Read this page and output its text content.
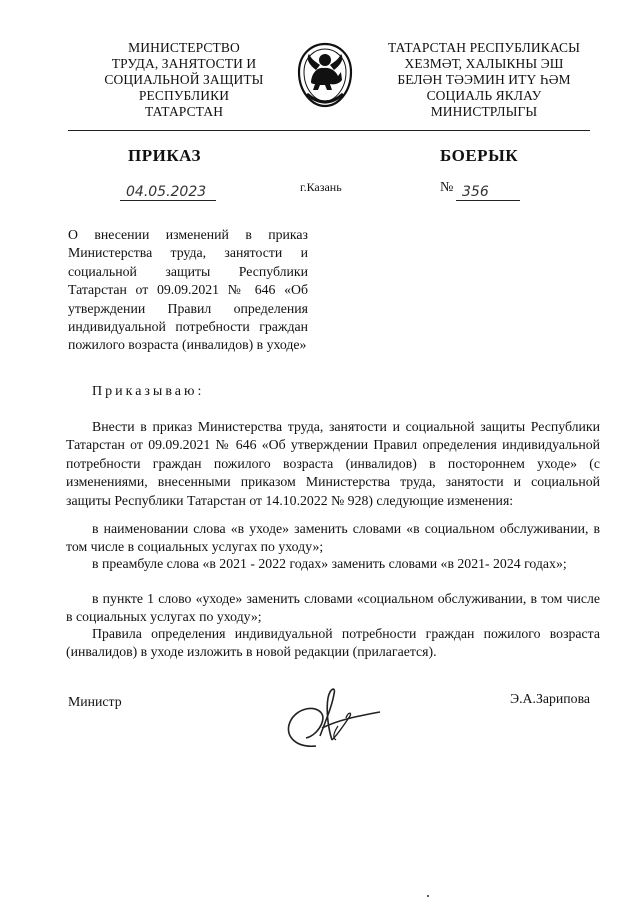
МИНИСТЕРСТВО
ТРУДА, ЗАНЯТОСТИ И
СОЦИАЛЬНОЙ ЗАЩИТЫ
РЕСПУБЛИКИ
ТАТАРСТАН
ТАТАРСТАН РЕСПУБЛИКАСЫ
ХЕЗМӘТ, ХАЛЫКНЫ ЭШ
БЕЛӘН ТӘЭМИН ИТҮ ҺӘМ
СОЦИАЛЬ ЯКЛАУ
МИНИСТРЛЫГЫ
ПРИКАЗ	БОЕРЫК
04.05.2023	г.Казань	№ 356
О внесении изменений в приказ Министерства труда, занятости и социальной защиты Республики Татарстан от 09.09.2021 № 646 «Об утверждении Правил определения индивидуальной потребности граждан пожилого возраста (инвалидов) в уходе»
Приказываю:
Внести в приказ Министерства труда, занятости и социальной защиты Республики Татарстан от 09.09.2021 № 646 «Об утверждении Правил определения индивидуальной потребности граждан пожилого возраста (инвалидов) в постороннем уходе» (с изменениями, внесенными приказом Министерства труда, занятости и социальной защиты Республики Татарстан от 14.10.2022 № 928) следующие изменения:
в наименовании слова «в уходе» заменить словами «в социальном обслуживании, в том числе в социальных услугах по уходу»;
в преамбуле слова «в 2021 - 2022 годах» заменить словами «в 2021- 2024 годах»;
в пункте 1 слово «уходе» заменить словами «социальном обслуживании, в том числе в социальных услугах по уходу»;
Правила определения индивидуальной потребности граждан пожилого возраста (инвалидов) в уходе изложить в новой редакции (прилагается).
Министр	Э.А.Зарипова
